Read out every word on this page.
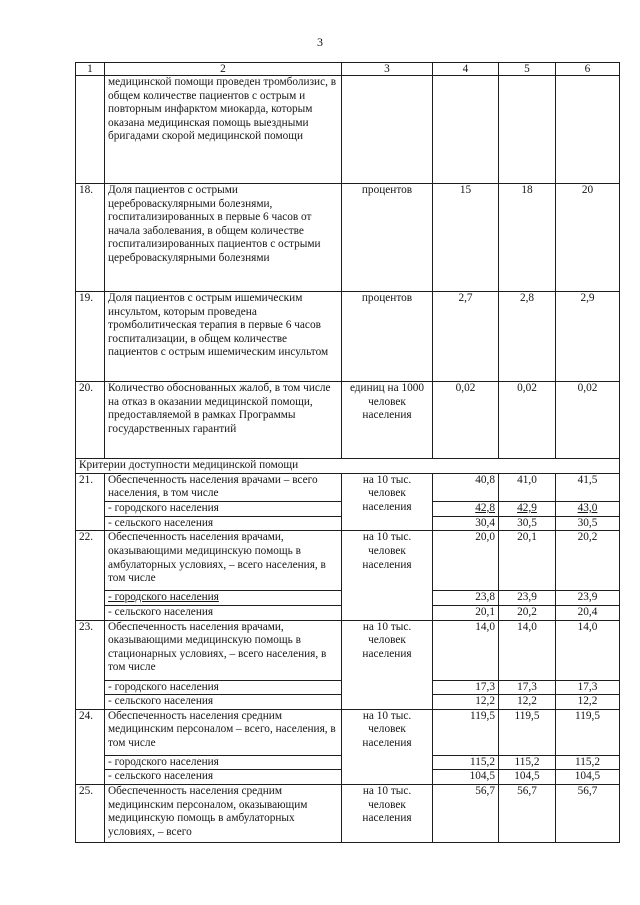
3
1	2	3	4	5	6
	медицинской помощи проведен тромболизис, в общем количестве пациентов с острым и повторным инфарктом миокарда, которым оказана медицинская помощь выездными бригадами скорой медицинской помощи				
18.	Доля пациентов с острыми цереброваскулярными болезнями, госпитализированных в первые 6 часов от начала заболевания, в общем количестве госпитализированных пациентов с острыми цереброваскулярными болезнями	процентов	15	18	20
19.	Доля пациентов с острым ишемическим инсультом, которым проведена тромболитическая терапия в первые 6 часов госпитализации, в общем количестве пациентов с острым ишемическим инсультом	процентов	2,7	2,8	2,9
20.	Количество обоснованных жалоб, в том числе на отказ в оказании медицинской помощи, предоставляемой в рамках Программы государственных гарантий	единиц на 1000 человек населения	0,02	0,02	0,02
Критерии доступности медицинской помощи					
21.	Обеспеченность населения врачами – всего населения, в том числе	на 10 тыс. человек населения	40,8	41,0	41,5
	- городского населения		42,8	42,9	43,0
	- сельского населения		30,4	30,5	30,5
22.	Обеспеченность населения врачами, оказывающими медицинскую помощь в амбулаторных условиях, – всего населения, в том числе	на 10 тыс. человек населения	20,0	20,1	20,2
	- городского населения		23,8	23,9	23,9
	- сельского населения		20,1	20,2	20,4
23.	Обеспеченность населения врачами, оказывающими медицинскую помощь в стационарных условиях, – всего населения, в том числе	на 10 тыс. человек населения	14,0	14,0	14,0
	- городского населения		17,3	17,3	17,3
	- сельского населения		12,2	12,2	12,2
24.	Обеспеченность населения средним медицинским персоналом – всего, населения, в том числе	на 10 тыс. человек населения	119,5	119,5	119,5
	- городского населения		115,2	115,2	115,2
	- сельского населения		104,5	104,5	104,5
25.	Обеспеченность населения средним медицинским персоналом, оказывающим медицинскую помощь в амбулаторных условиях, – всего	на 10 тыс. человек населения	56,7	56,7	56,7
